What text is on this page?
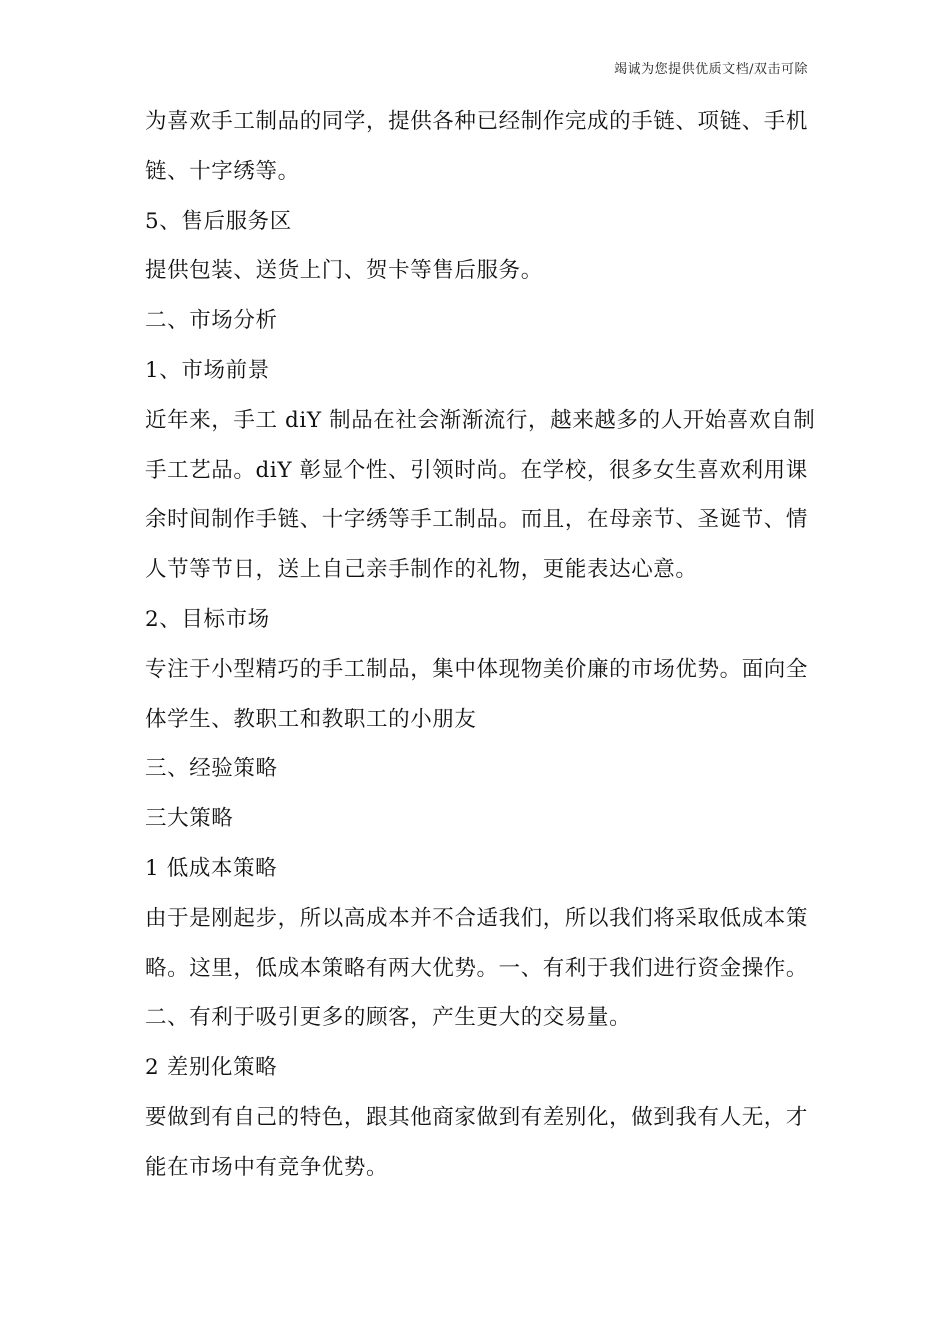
竭诚为您提供优质文档/双击可除
为喜欢手工制品的同学，提供各种已经制作完成的手链、项链、手机
链、十字绣等。
5、售后服务区
提供包装、送货上门、贺卡等售后服务。
二、市场分析
1、市场前景
近年来，手工 diY 制品在社会渐渐流行，越来越多的人开始喜欢自制
手工艺品。diY 彰显个性、引领时尚。在学校，很多女生喜欢利用课
余时间制作手链、十字绣等手工制品。而且，在母亲节、圣诞节、情
人节等节日，送上自己亲手制作的礼物，更能表达心意。
2、目标市场
专注于小型精巧的手工制品，集中体现物美价廉的市场优势。面向全
体学生、教职工和教职工的小朋友
三、经验策略
三大策略
1 低成本策略
由于是刚起步，所以高成本并不合适我们，所以我们将采取低成本策
略。这里，低成本策略有两大优势。一、有利于我们进行资金操作。
二、有利于吸引更多的顾客，产生更大的交易量。
2 差别化策略
要做到有自己的特色，跟其他商家做到有差别化，做到我有人无，才
能在市场中有竞争优势。
